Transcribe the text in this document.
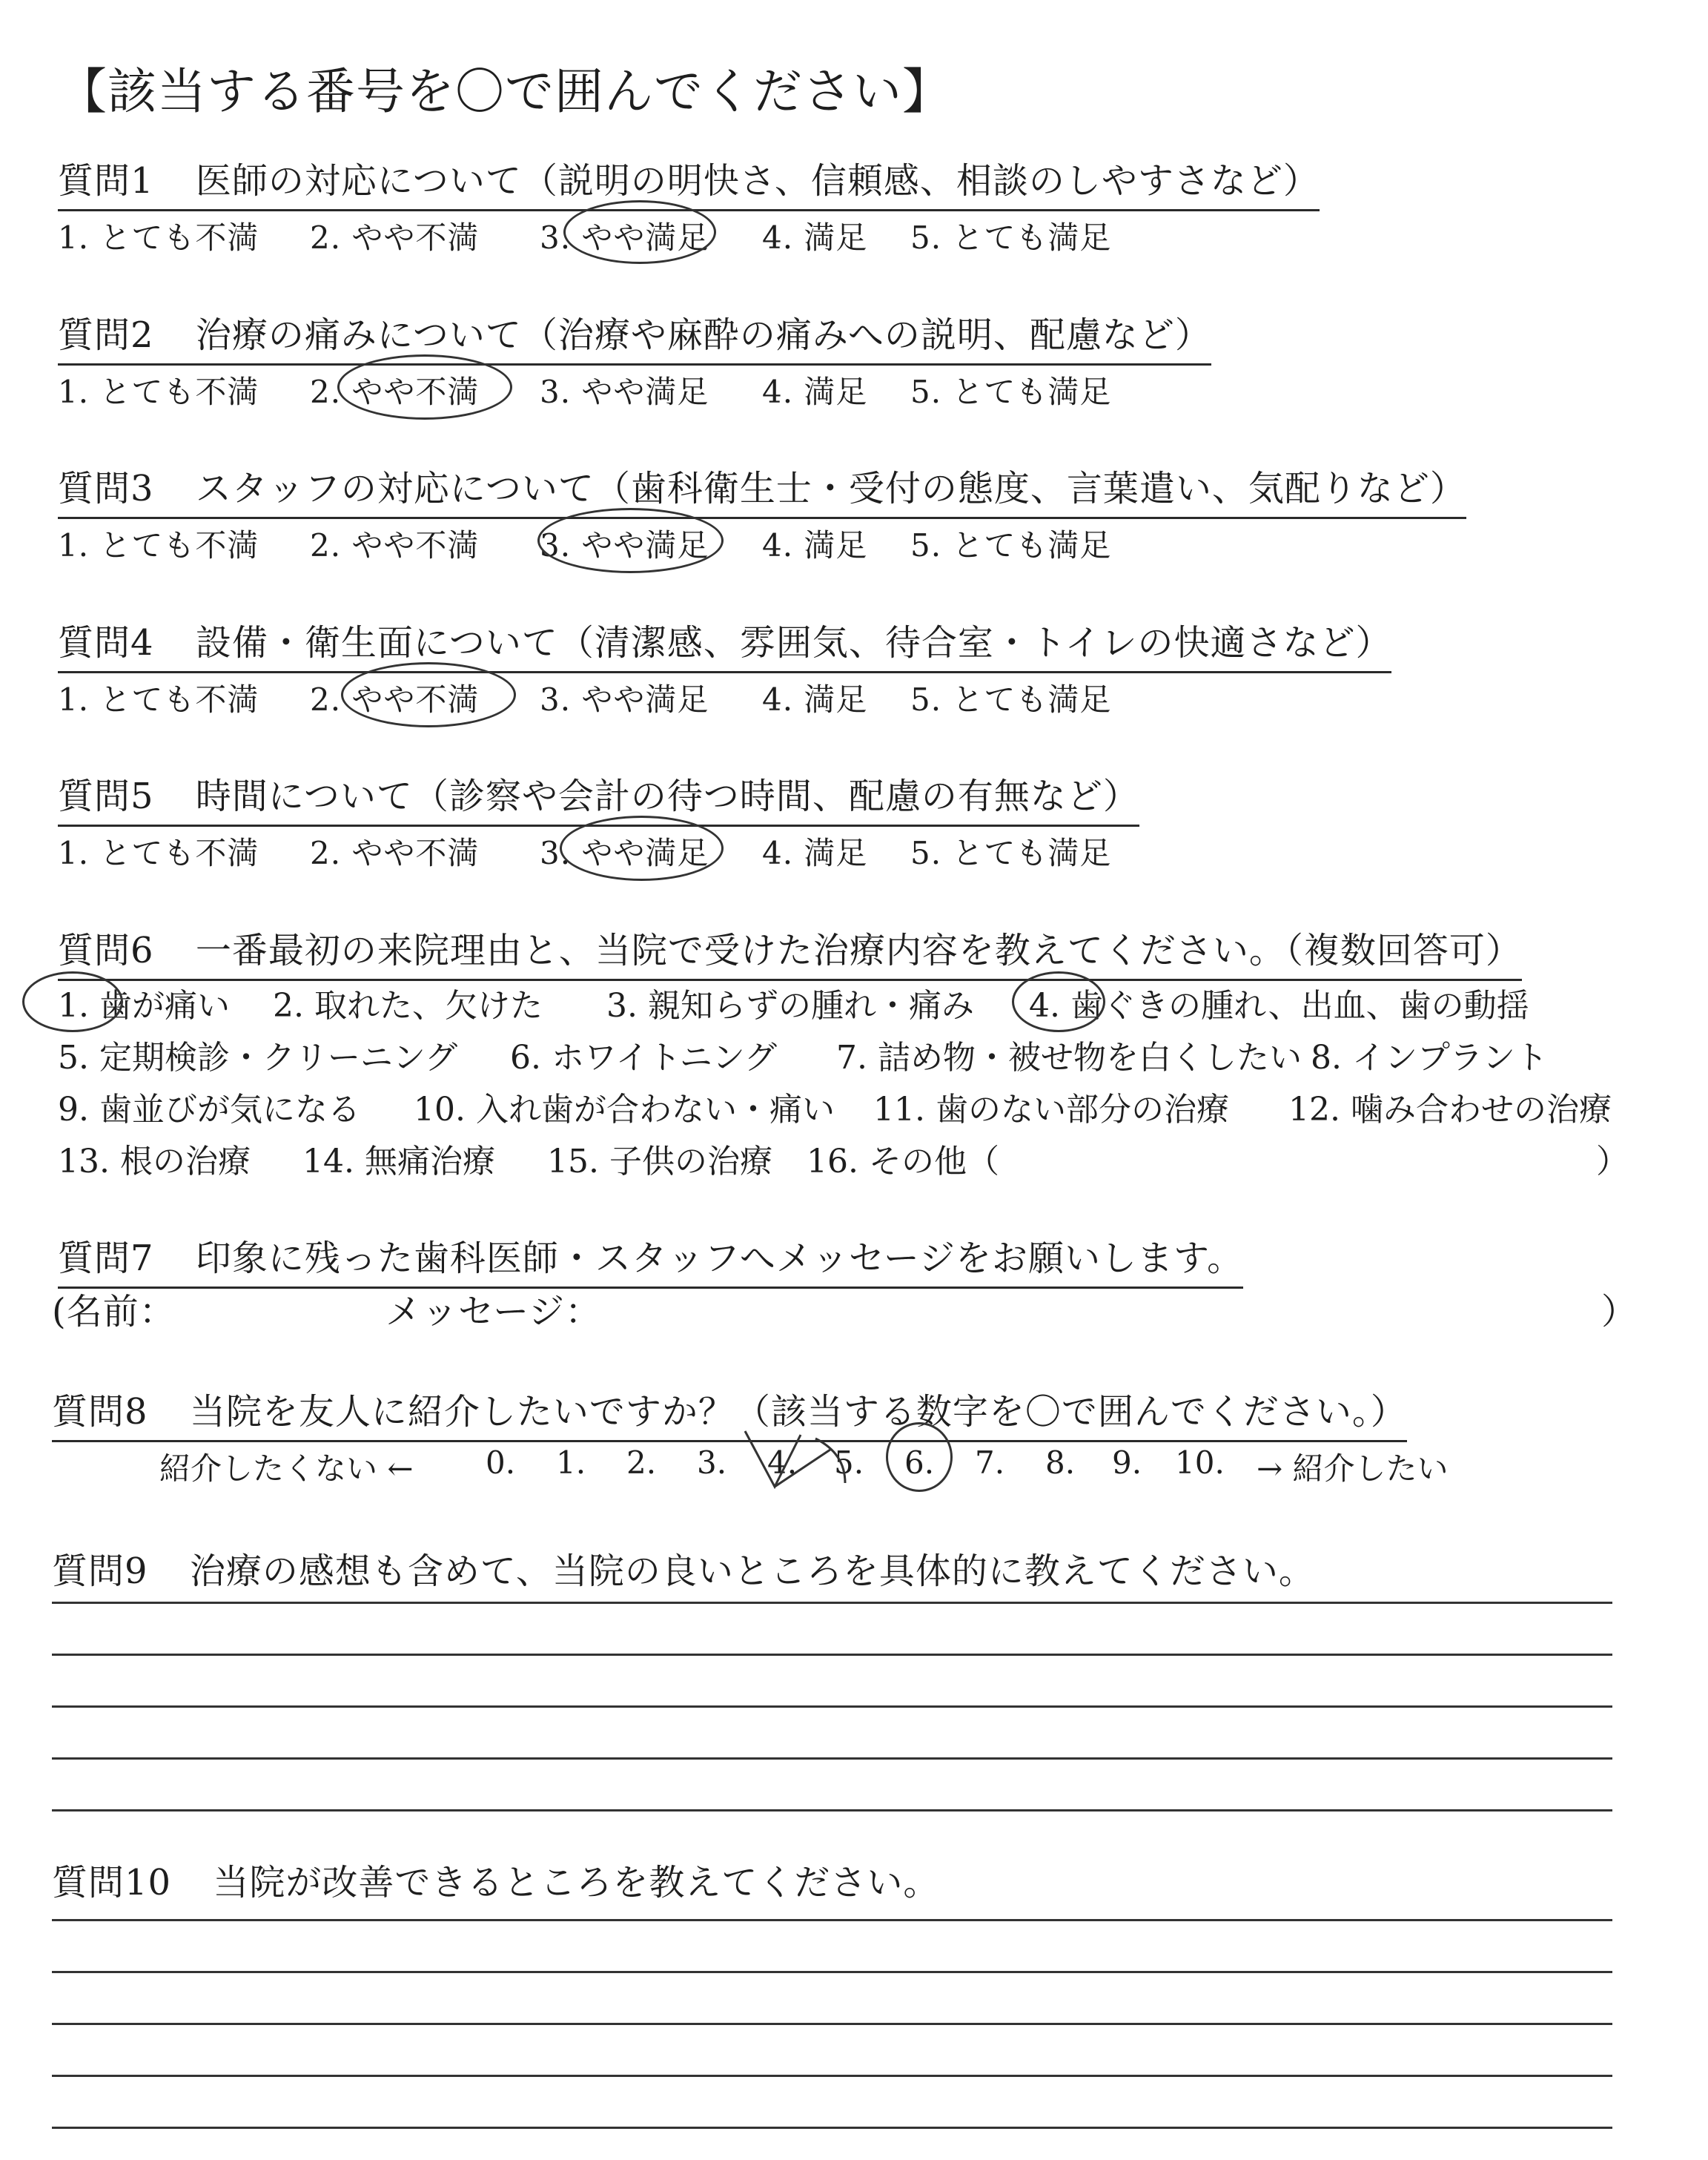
【該当する番号を〇で囲んでください】
質問1 医師の対応について（説明の明快さ、信頼感、相談のしやすさなど）
1. とても不満 2. やや不満 3. やや満足 4. 満足 5. とても満足
質問2 治療の痛みについて（治療や麻酔の痛みへの説明、配慮など）
1. とても不満 2. やや不満 3. やや満足 4. 満足 5. とても満足
質問3 スタッフの対応について（歯科衛生士・受付の態度、言葉遣い、気配りなど）
1. とても不満 2. やや不満 3. やや満足 4. 満足 5. とても満足
質問4 設備・衛生面について（清潔感、雰囲気、待合室・トイレの快適さなど）
1. とても不満 2. やや不満 3. やや満足 4. 満足 5. とても満足
質問5 時間について（診察や会計の待つ時間、配慮の有無など）
1. とても不満 2. やや不満 3. やや満足 4. 満足 5. とても満足
質問6 一番最初の来院理由と、当院で受けた治療内容を教えてください。（複数回答可）
1. 歯が痛い 2. 取れた、欠けた 3. 親知らずの腫れ・痛み 4. 歯ぐきの腫れ、出血、歯の動揺
5. 定期検診・クリーニング 6. ホワイトニング 7. 詰め物・被せ物を白くしたい 8. インプラント
9. 歯並びが気になる 10. 入れ歯が合わない・痛い 11. 歯のない部分の治療 12. 噛み合わせの治療
13. 根の治療 14. 無痛治療 15. 子供の治療 16. その他（	）
質問7 印象に残った歯科医師・スタッフへメッセージをお願いします。
(名前：	メッセージ：	）
質問8 当院を友人に紹介したいですか？（該当する数字を〇で囲んでください。）
紹介したくない ← 0. 1. 2. 3. 4. 5. 6. 7. 8. 9. 10. → 紹介したい
質問9 治療の感想も含めて、当院の良いところを具体的に教えてください。
質問10 当院が改善できるところを教えてください。
